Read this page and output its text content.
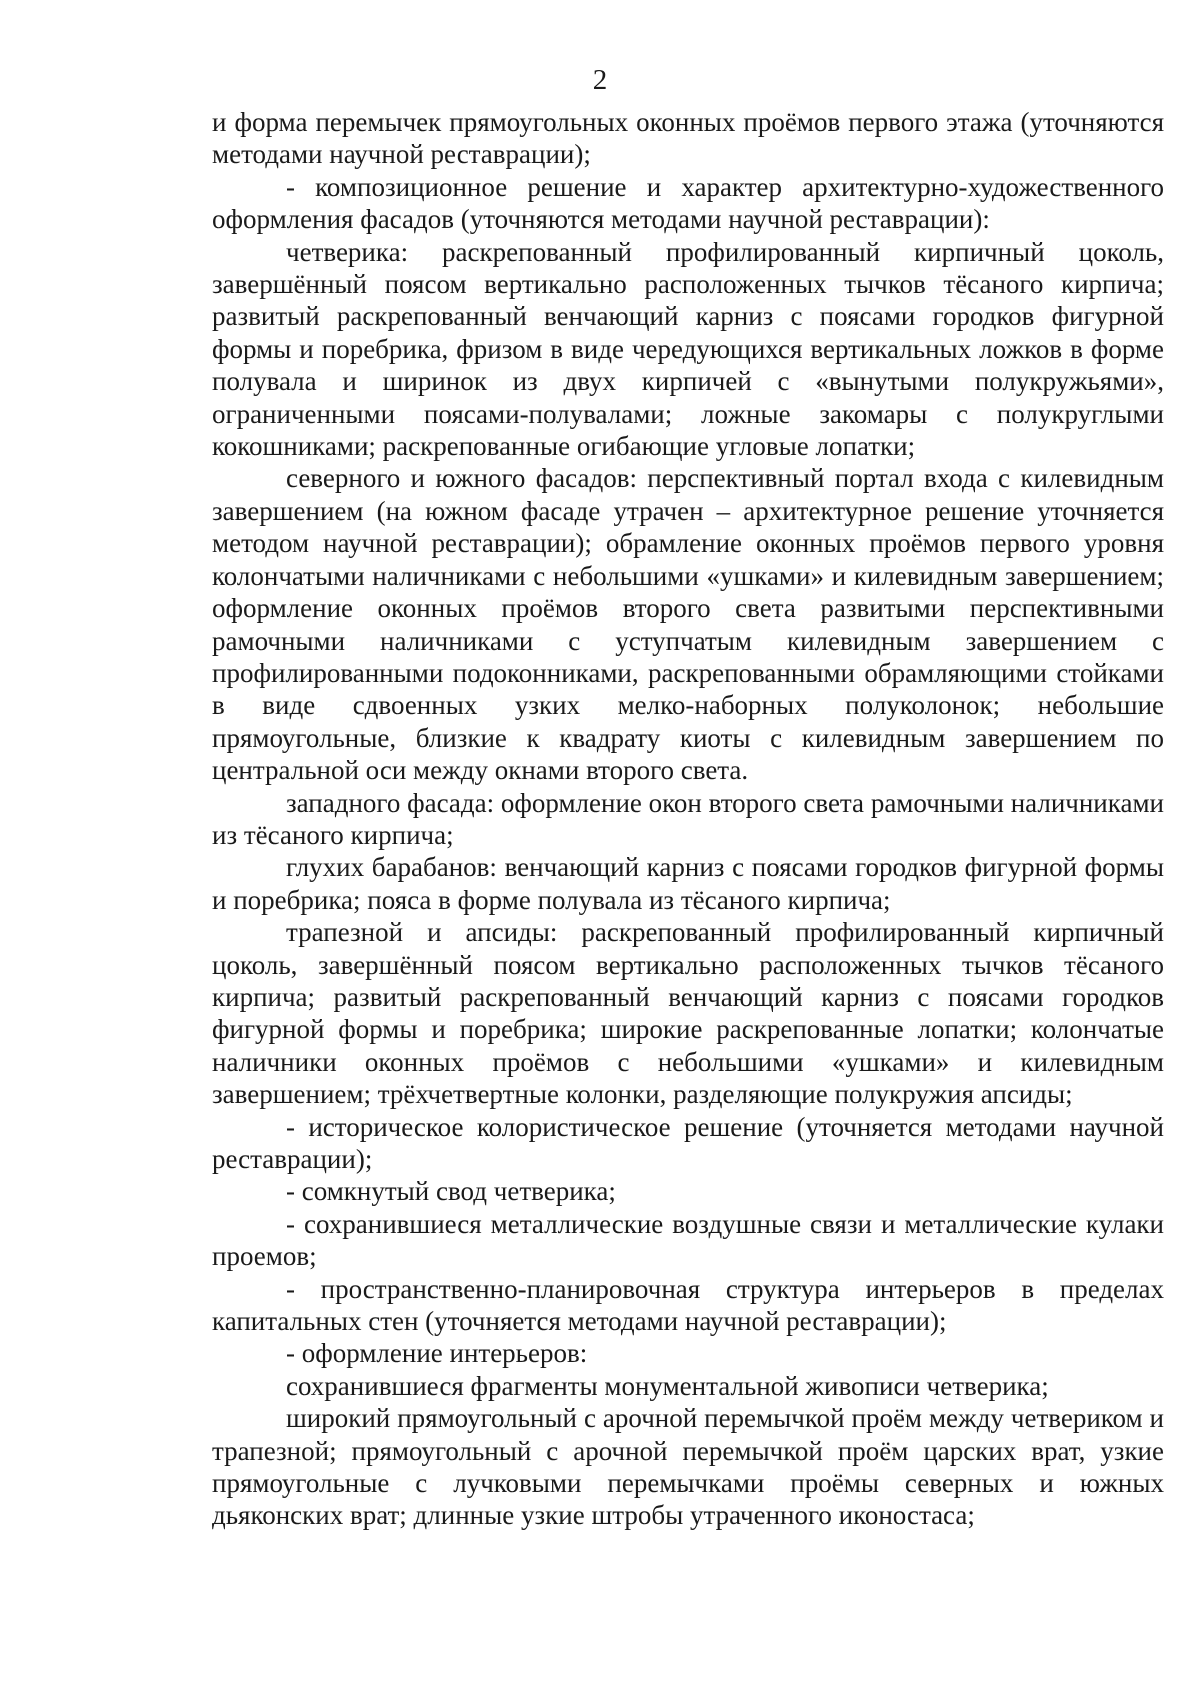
2

и форма перемычек прямоугольных оконных проёмов первого этажа (уточняются методами научной реставрации);

- композиционное решение и характер архитектурно-художественного оформления фасадов (уточняются методами научной реставрации):

четверика: раскрепованный профилированный кирпичный цоколь, завершённый поясом вертикально расположенных тычков тёсаного кирпича; развитый раскрепованный венчающий карниз с поясами городков фигурной формы и поребрика, фризом в виде чередующихся вертикальных ложков в форме полувала и ширинок из двух кирпичей с «вынутыми полукружьями», ограниченными поясами-полувалами; ложные закомары с полукруглыми кокошниками; раскрепованные огибающие угловые лопатки;

северного и южного фасадов: перспективный портал входа с килевидным завершением (на южном фасаде утрачен – архитектурное решение уточняется методом научной реставрации); обрамление оконных проёмов первого уровня колончатыми наличниками с небольшими «ушками» и килевидным завершением; оформление оконных проёмов второго света развитыми перспективными рамочными наличниками с уступчатым килевидным завершением с профилированными подоконниками, раскрепованными обрамляющими стойками в виде сдвоенных узких мелко-наборных полуколонок; небольшие прямоугольные, близкие к квадрату киоты с килевидным завершением по центральной оси между окнами второго света.

западного фасада: оформление окон второго света рамочными наличниками из тёсаного кирпича;

глухих барабанов: венчающий карниз с поясами городков фигурной формы и поребрика; пояса в форме полувала из тёсаного кирпича;

трапезной и апсиды: раскрепованный профилированный кирпичный цоколь, завершённый поясом вертикально расположенных тычков тёсаного кирпича; развитый раскрепованный венчающий карниз с поясами городков фигурной формы и поребрика; широкие раскрепованные лопатки; колончатые наличники оконных проёмов с небольшими «ушками» и килевидным завершением; трёхчетвертные колонки, разделяющие полукружия апсиды;

- историческое колористическое решение (уточняется методами научной реставрации);

- сомкнутый свод четверика;

- сохранившиеся металлические воздушные связи и металлические кулаки проемов;

- пространственно-планировочная структура интерьеров в пределах капитальных стен (уточняется методами научной реставрации);

- оформление интерьеров:

сохранившиеся фрагменты монументальной живописи четверика;

широкий прямоугольный с арочной перемычкой проём между четвериком и трапезной; прямоугольный с арочной перемычкой проём царских врат, узкие прямоугольные с лучковыми перемычками проёмы северных и южных дьяконских врат; длинные узкие штробы утраченного иконостаса;
